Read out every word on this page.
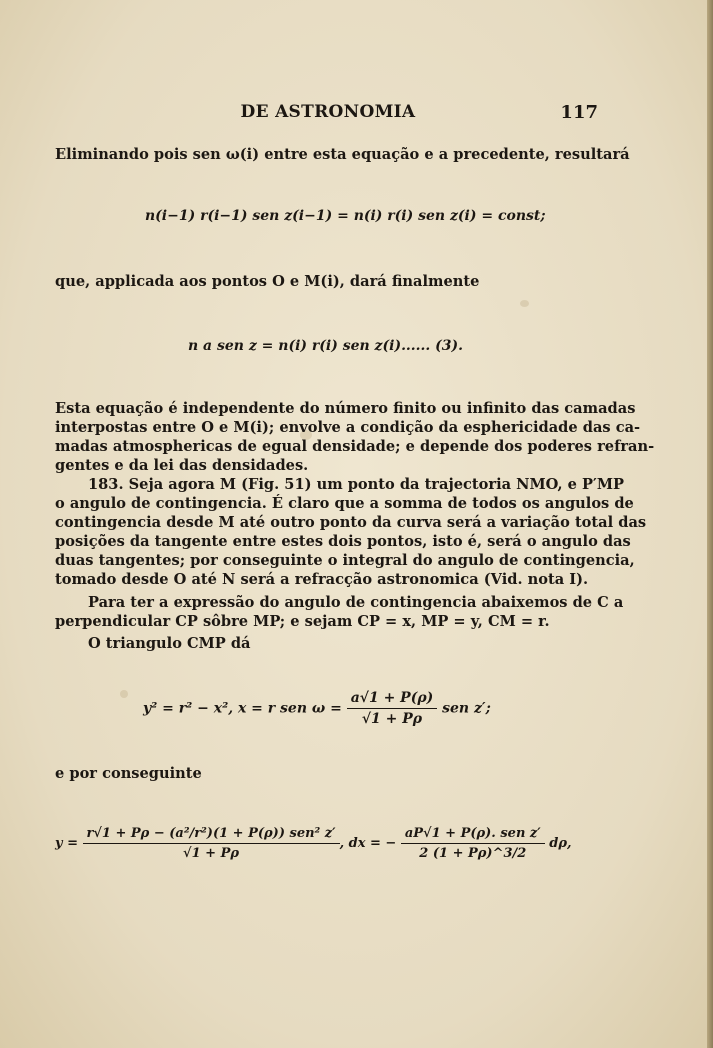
DE ASTRONOMIA	117
Eliminando pois sen ω(i) entre esta equação e a precedente, resultará
n(i−1) r(i−1) sen z(i−1) = n(i) r(i) sen z(i) = const;
que, applicada aos pontos O e M(i), dará finalmente
n a sen z = n(i) r(i) sen z(i)...... (3).
Esta equação é independente do número finito ou infinito das camadas
interpostas entre O e M(i); envolve a condição da esphericidade das ca-
madas atmosphericas de egual densidade; e depende dos poderes refran-
gentes e da lei das densidades.
183. Seja agora M (Fig. 51) um ponto da trajectoria NMO, e P′MP
o angulo de contingencia. É claro que a somma de todos os angulos de
contingencia desde M até outro ponto da curva será a variação total das
posições da tangente entre estes dois pontos, isto é, será o angulo das
duas tangentes; por conseguinte o integral do angulo de contingencia,
tomado desde O até N será a refracção astronomica (Vid. nota I).
Para ter a expressão do angulo de contingencia abaixemos de C a
perpendicular CP sôbre MP; e sejam CP = x, MP = y, CM = r.
O triangulo CMP dá
y² = r² − x², x = r sen $\omega = \frac{a√1 + P(\rho)}{√1 + P\rho}$ sen z′;
e por conseguinte
$y = \frac{\text{r√1 + Pρ − (a²/r²)(1 + P(ρ)) sen² z′}}{√1 + P\rho}$ , dx = − $\frac{\text{aP√1 + P(ρ). sen z′}}{2 (1 + P\rho)\^{}3/2} d\rho$,
